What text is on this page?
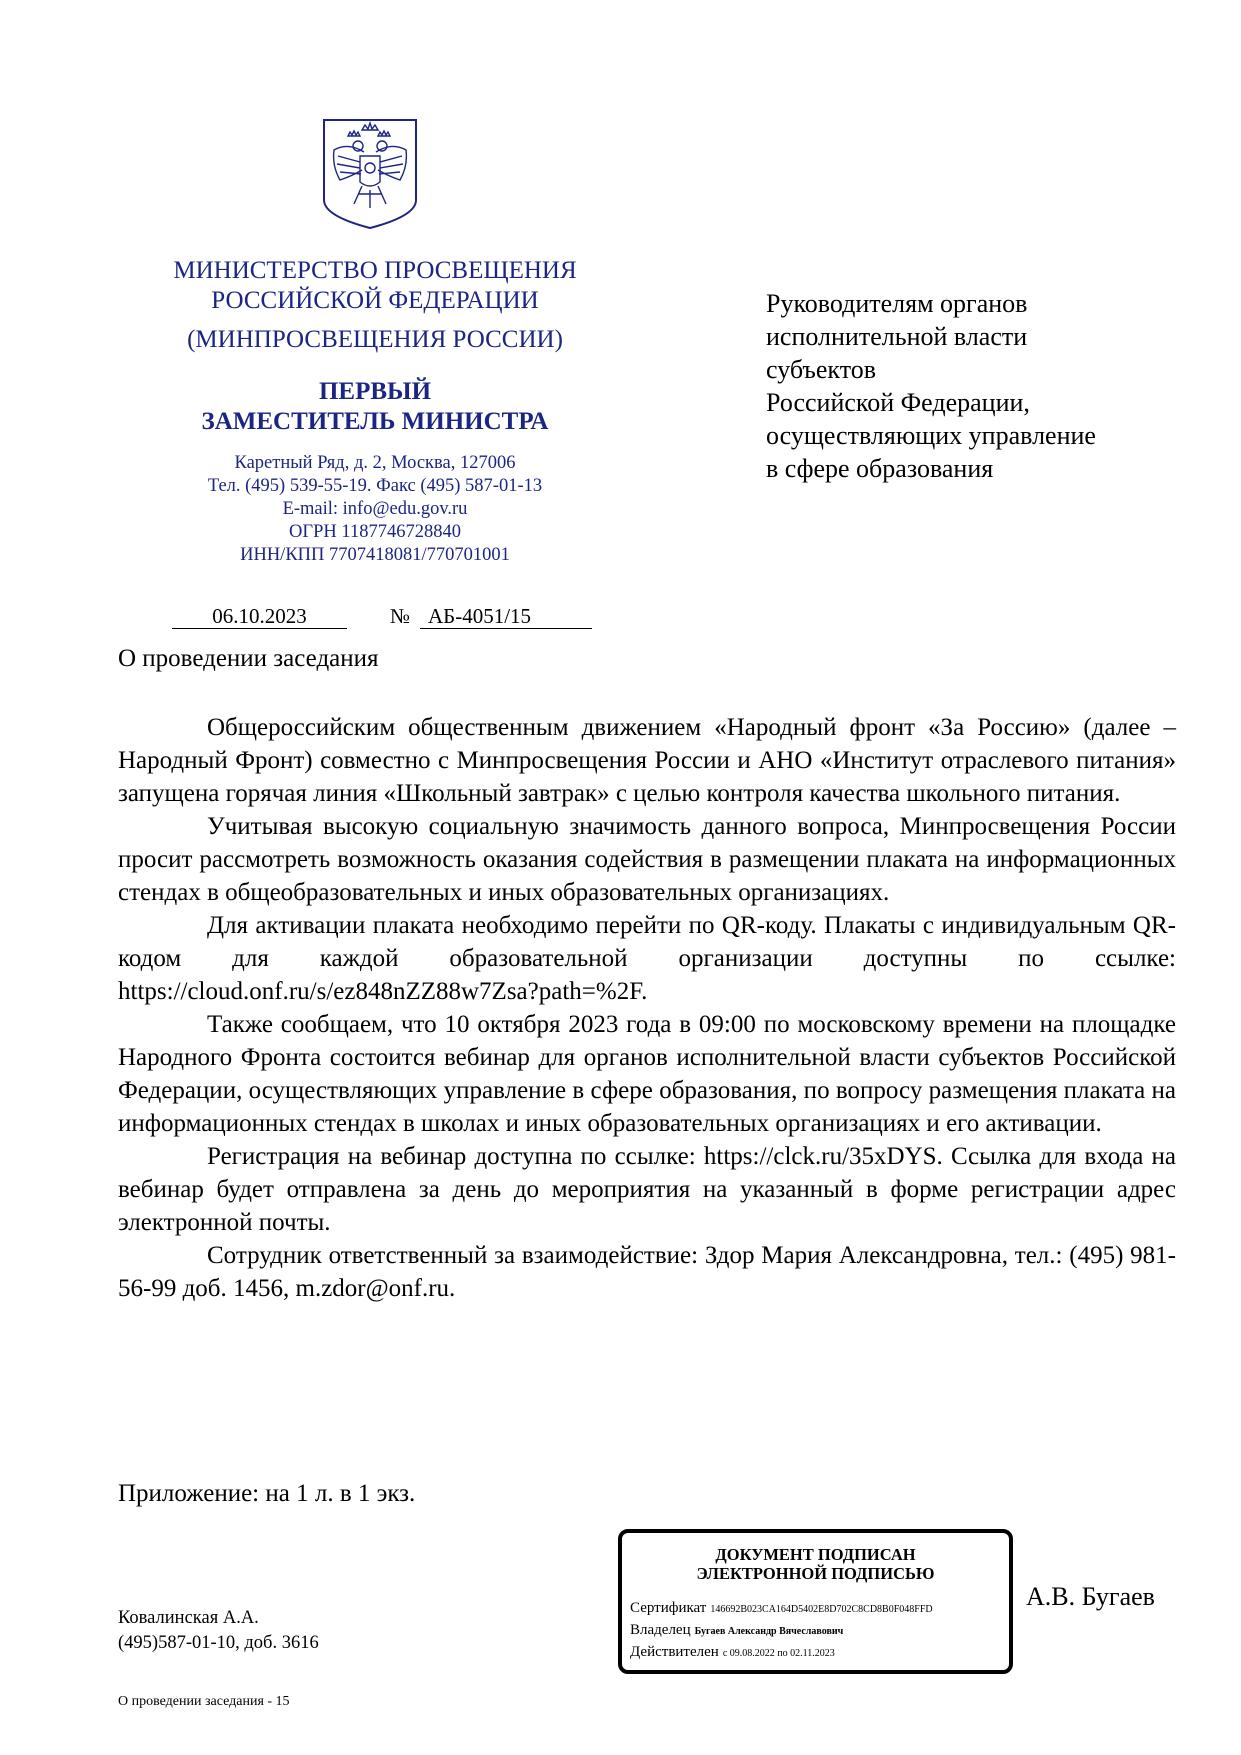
МИНИСТЕРСТВО ПРОСВЕЩЕНИЯ
РОССИЙСКОЙ ФЕДЕРАЦИИ
(МИНПРОСВЕЩЕНИЯ РОССИИ)
ПЕРВЫЙ
ЗАМЕСТИТЕЛЬ МИНИСТРА
Каретный Ряд, д. 2, Москва, 127006
Тел. (495) 539-55-19. Факс (495) 587-01-13
E-mail: info@edu.gov.ru
ОГРН 1187746728840
ИНН/КПП 7707418081/770701001
06.10.2023	№ АБ-4051/15
Руководителям органов
исполнительной власти
субъектов
Российской Федерации,
осуществляющих управление
в сфере образования
О проведении заседания

Общероссийским общественным движением «Народный фронт «За Россию» (далее – Народный Фронт) совместно с Минпросвещения России и АНО «Институт отраслевого питания» запущена горячая линия «Школьный завтрак» с целью контроля качества школьного питания.

Учитывая высокую социальную значимость данного вопроса, Минпросвещения России просит рассмотреть возможность оказания содействия в размещении плаката на информационных стендах в общеобразовательных и иных образовательных организациях.

Для активации плаката необходимо перейти по QR-коду. Плакаты с индивидуальным QR-кодом для каждой образовательной организации доступны по ссылке: https://cloud.onf.ru/s/ez848nZZ88w7Zsa?path=%2F.

Также сообщаем, что 10 октября 2023 года в 09:00 по московскому времени на площадке Народного Фронта состоится вебинар для органов исполнительной власти субъектов Российской Федерации, осуществляющих управление в сфере образования, по вопросу размещения плаката на информационных стендах в школах и иных образовательных организациях и его активации.

Регистрация на вебинар доступна по ссылке: https://clck.ru/35xDYS. Ссылка для входа на вебинар будет отправлена за день до мероприятия на указанный в форме регистрации адрес электронной почты.

Сотрудник ответственный за взаимодействие: Здор Мария Александровна, тел.: (495) 981-56-99 доб. 1456, m.zdor@onf.ru.

Приложение: на 1 л. в 1 экз.
ДОКУМЕНТ ПОДПИСАН
ЭЛЕКТРОННОЙ ПОДПИСЬЮ
Сертификат 146692B023CA164D5402E8D702C8CD8B0F048FFD
Владелец Бугаев Александр Вячеславович
Действителен с 09.08.2022 по 02.11.2023
А.В. Бугаев
Ковалинская А.А.
(495)587-01-10, доб. 3616
О проведении заседания - 15
